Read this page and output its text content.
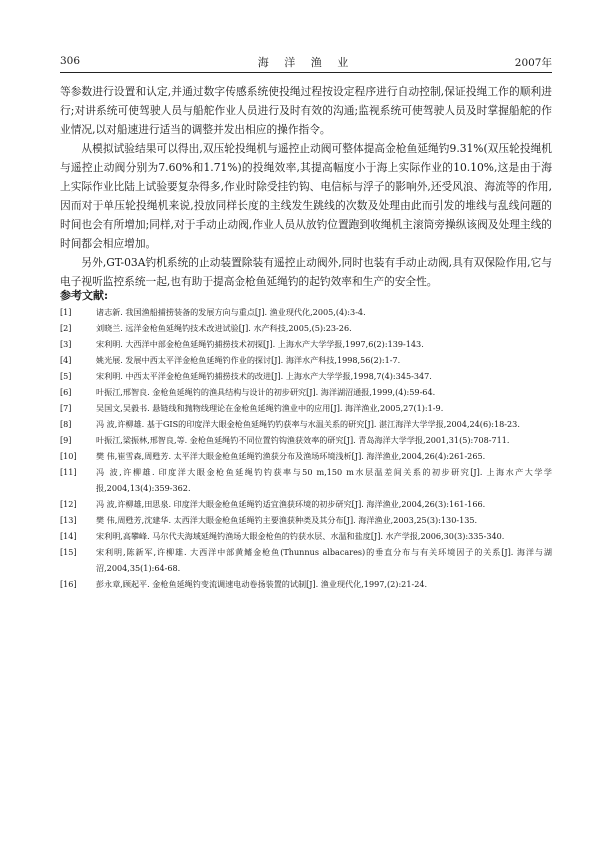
306	海 洋 渔 业	2007年

等参数进行设置和认定,并通过数字传感系统使投绳过程按设定程序进行自动控制,保证投绳工作的顺利进行;对讲系统可使驾驶人员与船舵作业人员进行及时有效的沟通;监视系统可使驾驶人员及时掌握船舵的作业情况,以对船速进行适当的调整并发出相应的操作指令。

从模拟试验结果可以得出,双压轮投绳机与遥控止动阀可整体提高金枪鱼延绳钓9.31%(双压轮投绳机与遥控止动阀分别为7.60%和1.71%)的投绳效率,其提高幅度小于海上实际作业的10.10%,这是由于海上实际作业比陆上试验要复杂得多,作业时除受挂钓钩、电信标与浮子的影响外,还受风浪、海流等的作用,因而对于单压轮投绳机来说,投放同样长度的主线发生跳线的次数及处理由此而引发的堆线与乱线问题的时间也会有所增加;同样,对于手动止动阀,作业人员从放钓位置跑到收绳机主滚筒旁操纵该阀及处理主线的时间都会相应增加。

另外,GT-03A钓机系统的止动装置除装有遥控止动阀外,同时也装有手动止动阀,具有双保险作用,它与电子视听监控系统一起,也有助于提高金枪鱼延绳钓的起钓效率和生产的安全性。

参考文献:
[1]	诸志新. 我国渔船捕捞装备的发展方向与重点[J]. 渔业现代化,2005,(4):3-4.
[2]	刘晓兰. 远洋金枪鱼延绳钓技术改进试验[J]. 水产科技,2005,(5):23-26.
[3]	宋利明. 大西洋中部金枪鱼延绳钓捕捞技术初探[J]. 上海水产大学学报,1997,6(2):139-143.
[4]	姚光展. 发展中西太平洋金枪鱼延绳钓作业的探讨[J]. 海洋水产科技,1998,56(2):1-7.
[5]	宋利明. 中西太平洋金枪鱼延绳钓捕捞技术的改进[J]. 上海水产大学学报,1998,7(4):345-347.
[6]	叶振江,邢智良. 金枪鱼延绳钓的渔具结构与设计的初步研究[J]. 海洋湖沼通报,1999,(4):59-64.
[7]	吴国文,吴毅书. 悬链线和抛物线理论在金枪鱼延绳钓渔业中的应用[J]. 海洋渔业,2005,27(1):1-9.
[8]	冯 波,许柳雄. 基于GIS的印度洋大眼金枪鱼延绳钓钓获率与水温关系的研究[J]. 湛江海洋大学学报,2004,24(6):18-23.
[9]	叶振江,梁振林,邢智良,等. 金枪鱼延绳钓不同位置钓钩渔获效率的研究[J]. 青岛海洋大学学报,2001,31(5):708-711.
[10]	樊 伟,崔雪森,周甦芳. 太平洋大眼金枪鱼延绳钓渔获分布及渔场环境浅析[J]. 海洋渔业,2004,26(4):261-265.
[11]	冯 波,许柳雄. 印度洋大眼金枪鱼延绳钓钓获率与50 m,150 m水层温差间关系的初步研究[J]. 上海水产大学学报,2004,13(4):359-362.
[12]	冯 波,许柳雄,田思泉. 印度洋大眼金枪鱼延绳钓适宜渔获环境的初步研究[J]. 海洋渔业,2004,26(3):161-166.
[13]	樊 伟,周甦芳,沈建华. 太西洋大眼金枪鱼延绳钓主要渔获种类及其分布[J]. 海洋渔业,2003,25(3):130-135.
[14]	宋利明,高攀峰. 马尔代夫海域延绳钓渔场大眼金枪鱼的钓获水层、水温和盐度[J]. 水产学报,2006,30(3):335-340.
[15]	宋利明,陈新军,许柳雄. 大西洋中部黄鳍金枪鱼(Thunnus albacares)的垂直分布与有关环境因子的关系[J]. 海洋与湖沼,2004,35(1):64-68.
[16]	彭永章,顾起平. 金枪鱼延绳钓变流调速电动卷扬装置的试制[J]. 渔业现代化,1997,(2):21-24.
